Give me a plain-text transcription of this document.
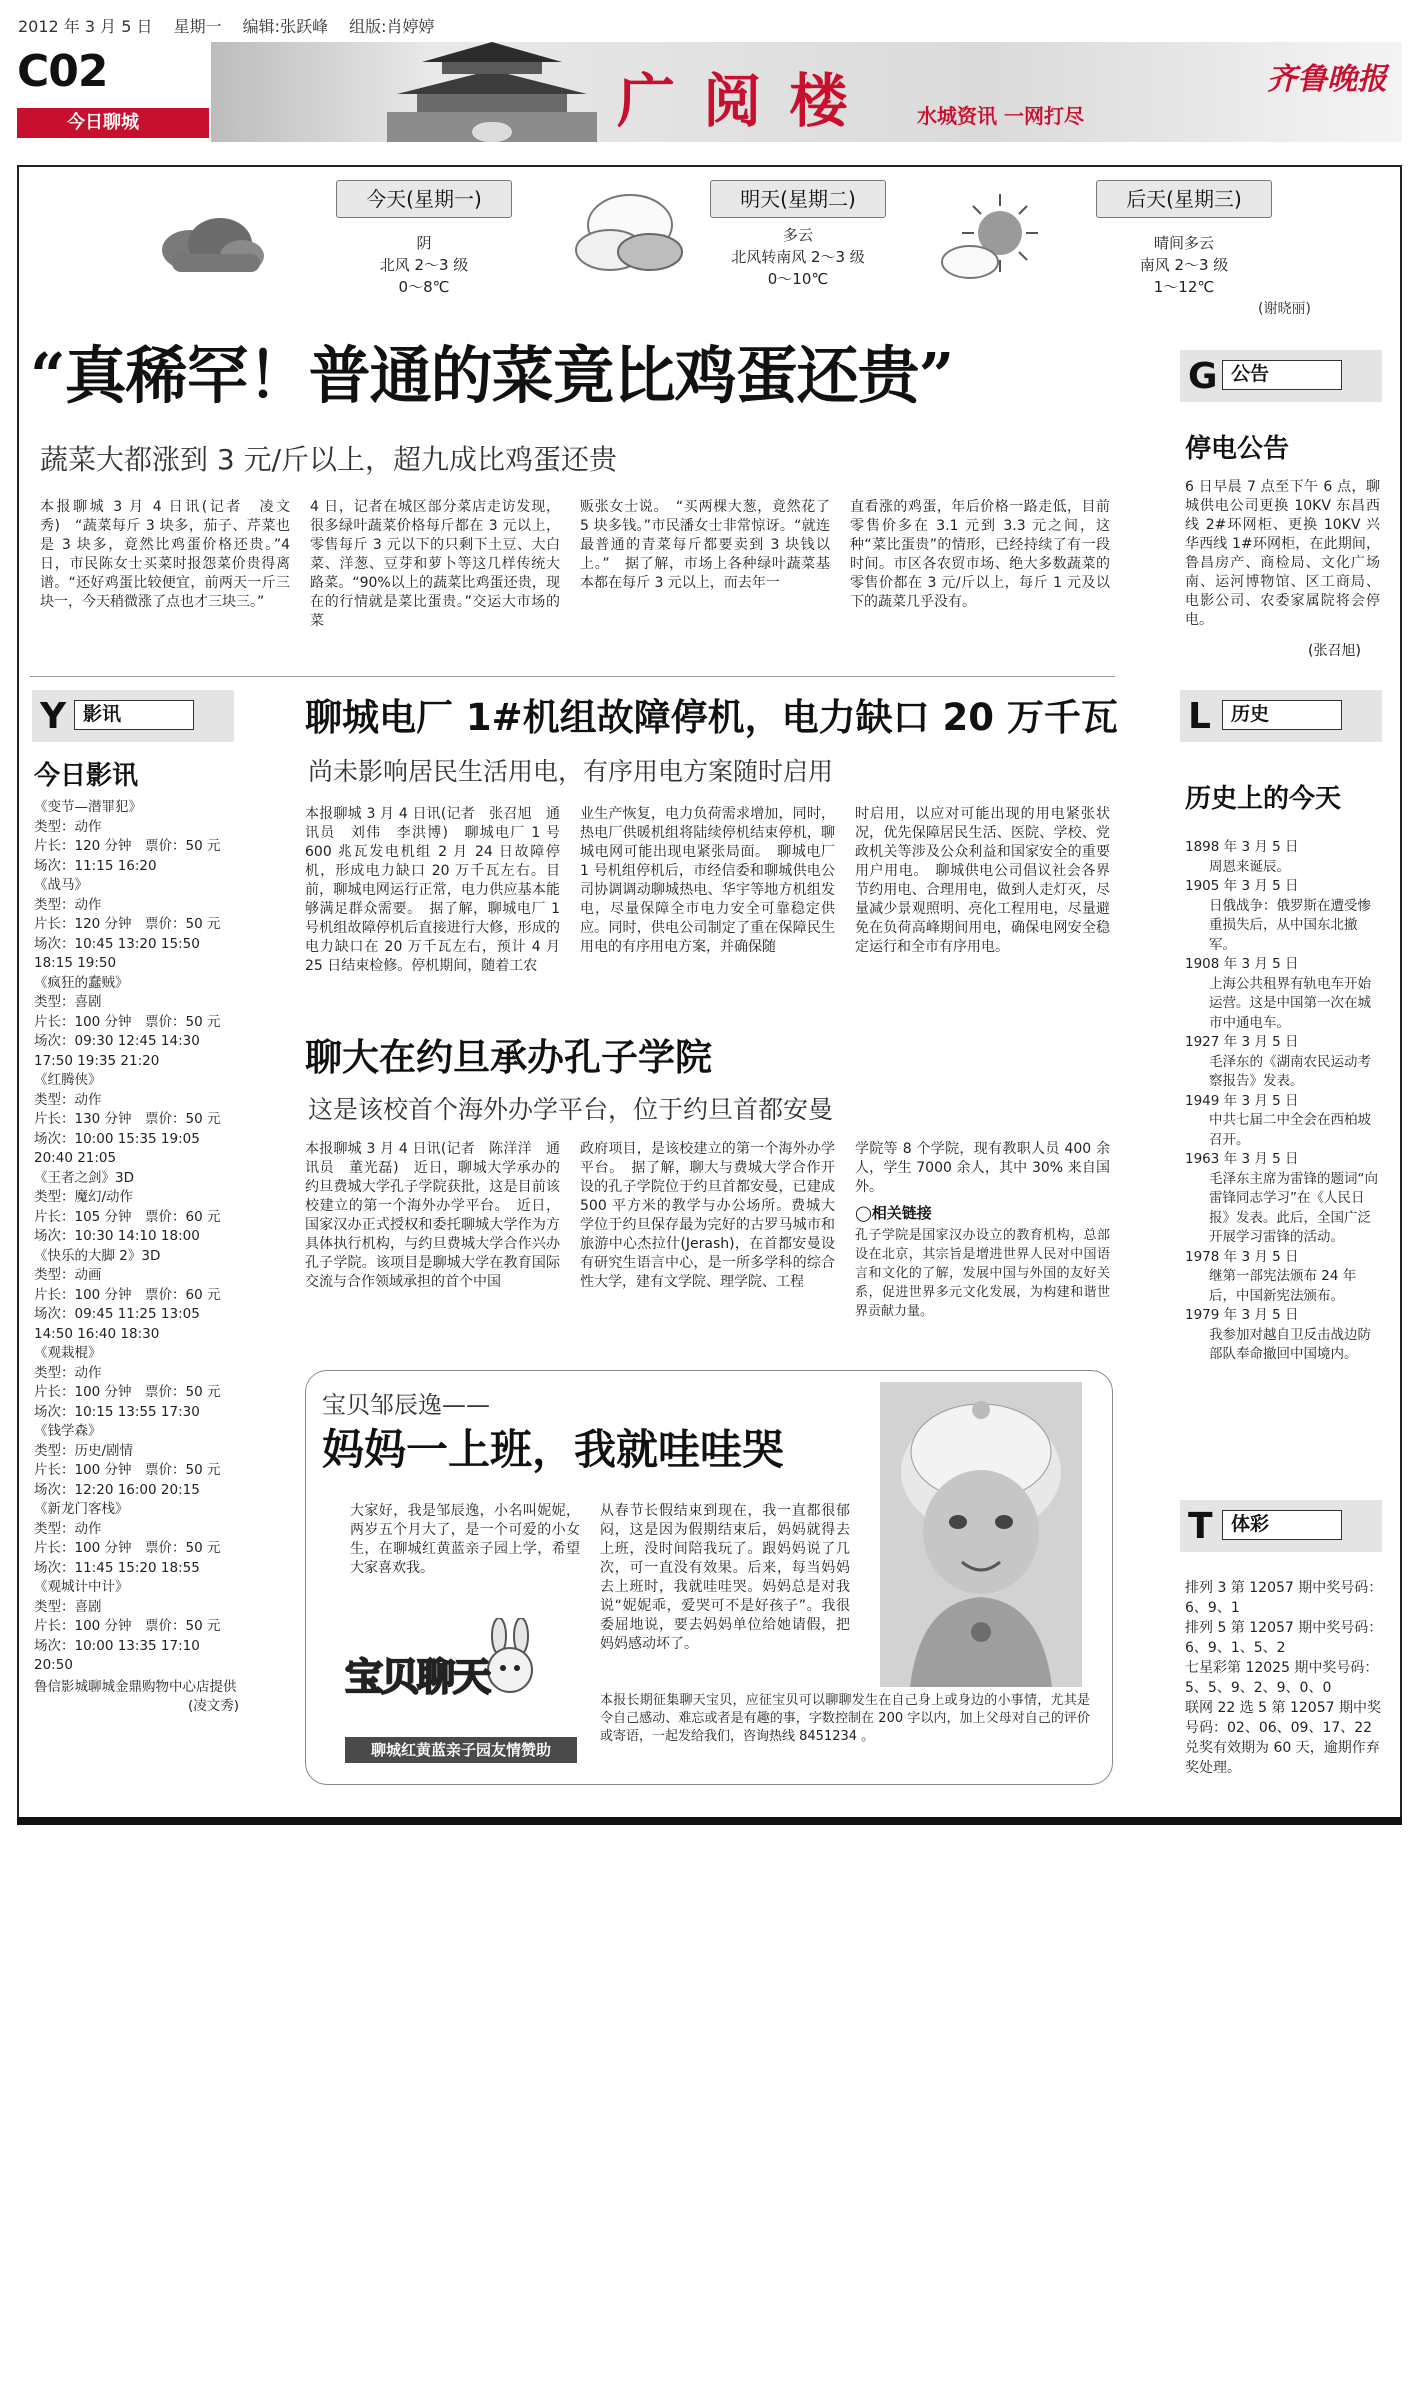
2012 年 3 月 5 日　 星期一　 编辑:张跃峰　 组版:肖婷婷
C02
今日聊城	广 阅 楼	水城资讯 一网打尽
齐鲁晚报
今天(星期一)
阴
北风 2～3 级
0～8℃
明天(星期二)
多云
北风转南风 2～3 级
0～10℃
后天(星期三)
晴间多云
南风 2～3 级
1～12℃
(谢晓丽)
“真稀罕！普通的菜竟比鸡蛋还贵”
蔬菜大都涨到 3 元/斤以上，超九成比鸡蛋还贵
本报聊城 3 月 4 日讯(记者　凌文秀)　“蔬菜每斤 3 块多，茄子、芹菜也是 3 块多，竟然比鸡蛋价格还贵。”4 日，市民陈女士买菜时报怨菜价贵得离谱。“还好鸡蛋比较便宜，前两天一斤三块一，今天稍微涨了点也才三块三。”
4 日，记者在城区部分菜店走访发现，很多绿叶蔬菜价格每斤都在 3 元以上，零售每斤 3 元以下的只剩下土豆、大白菜、洋葱、豆芽和萝卜等这几样传统大路菜。“90%以上的蔬菜比鸡蛋还贵，现在的行情就是菜比蛋贵。”交运大市场的菜
贩张女士说。　“买两棵大葱，竟然花了 5 块多钱。”市民潘女士非常惊讶。“就连最普通的青菜每斤都要卖到 3 块钱以上。”　据了解，市场上各种绿叶蔬菜基本都在每斤 3 元以上，而去年一
直看涨的鸡蛋，年后价格一路走低，目前零售价多在 3.1 元到 3.3 元之间，这种“菜比蛋贵”的情形，已经持续了有一段时间。市区各农贸市场、绝大多数蔬菜的零售价都在 3 元/斤以上，每斤 1 元及以下的蔬菜几乎没有。
G 公告
停电公告
6 日早晨 7 点至下午 6 点，聊城供电公司更换 10KV 东昌西线 2#环网柜、更换 10KV 兴华西线 1#环网柜，在此期间，鲁昌房产、商检局、文化广场南、运河博物馆、区工商局、电影公司、农委家属院将会停电。
(张召旭)
Y 影讯
今日影讯
《变节—潜罪犯》
类型：动作
片长：120 分钟　票价：50 元
场次：11:15 16:20
《战马》
类型：动作
片长：120 分钟　票价：50 元
场次：10:45 13:20 15:50 18:15 19:50
《疯狂的蠢贼》
类型：喜剧
片长：100 分钟　票价：50 元
场次：09:30 12:45 14:30 17:50 19:35 21:20
《红腾侠》
类型：动作
片长：130 分钟　票价：50 元
场次：10:00 15:35 19:05 20:40 21:05
《王者之剑》3D
类型：魔幻/动作
片长：105 分钟　票价：60 元
场次：10:30 14:10 18:00
《快乐的大脚 2》3D
类型：动画
片长：100 分钟　票价：60 元
场次：09:45 11:25 13:05 14:50 16:40 18:30
《观栽棍》
类型：动作
片长：100 分钟　票价：50 元
场次：10:15 13:55 17:30
《钱学森》
类型：历史/剧情
片长：100 分钟　票价：50 元
场次：12:20 16:00 20:15
《新龙门客栈》
类型：动作
片长：100 分钟　票价：50 元
场次：11:45 15:20 18:55
《观城计中计》
类型：喜剧
片长：100 分钟　票价：50 元
场次：10:00 13:35 17:10 20:50
鲁信影城聊城金鼎购物中心店提供
(凌文秀)
聊城电厂 1#机组故障停机，电力缺口 20 万千瓦
尚未影响居民生活用电，有序用电方案随时启用
本报聊城 3 月 4 日讯(记者　张召旭　通讯员　刘伟　李洪博)　聊城电厂 1 号 600 兆瓦发电机组 2 月 24 日故障停机，形成电力缺口 20 万千瓦左右。目前，聊城电网运行正常，电力供应基本能够满足群众需要。　据了解，聊城电厂 1 号机组故障停机后直接进行大修，形成的电力缺口在 20 万千瓦左右，预计 4 月 25 日结束检修。停机期间，随着工农
业生产恢复，电力负荷需求增加，同时，热电厂供暖机组将陆续停机结束停机，聊城电网可能出现电紧张局面。　聊城电厂 1 号机组停机后，市经信委和聊城供电公司协调调动聊城热电、华宇等地方机组发电，尽量保障全市电力安全可靠稳定供应。同时，供电公司制定了重在保障民生用电的有序用电方案，并确保随
时启用，以应对可能出现的用电紧张状况，优先保障居民生活、医院、学校、党政机关等涉及公众利益和国家安全的重要用户用电。　聊城供电公司倡议社会各界节约用电、合理用电，做到人走灯灭，尽量减少景观照明、亮化工程用电，尽量避免在负荷高峰期间用电，确保电网安全稳定运行和全市有序用电。
聊大在约旦承办孔子学院
这是该校首个海外办学平台，位于约旦首都安曼
本报聊城 3 月 4 日讯(记者　陈洋洋　通讯员　董光磊)　近日，聊城大学承办的约旦费城大学孔子学院获批，这是目前该校建立的第一个海外办学平台。　近日，国家汉办正式授权和委托聊城大学作为方具体执行机构，与约旦费城大学合作兴办孔子学院。该项目是聊城大学在教育国际交流与合作领域承担的首个中国
政府项目，是该校建立的第一个海外办学平台。　据了解，聊大与费城大学合作开设的孔子学院位于约旦首都安曼，已建成 500 平方米的教学与办公场所。费城大学位于约旦保存最为完好的古罗马城市和旅游中心杰拉什(Jerash)，在首都安曼设有研究生语言中心，是一所多学科的综合性大学，建有文学院、理学院、工程
学院等 8 个学院，现有教职人员 400 余人，学生 7000 余人，其中 30% 来自国外。
◯相关链接
孔子学院是国家汉办设立的教育机构，总部设在北京，其宗旨是增进世界人民对中国语言和文化的了解，发展中国与外国的友好关系，促进世界多元文化发展，为构建和谐世界贡献力量。
宝贝邹辰逸——
妈妈一上班，我就哇哇哭
大家好，我是邹辰逸，小名叫妮妮，两岁五个月大了，是一个可爱的小女生，在聊城红黄蓝亲子园上学，希望大家喜欢我。
从春节长假结束到现在，我一直都很郁闷，这是因为假期结束后，妈妈就得去上班，没时间陪我玩了。跟妈妈说了几次，可一直没有效果。后来，每当妈妈去上班时，我就哇哇哭。妈妈总是对我说“妮妮乖，爱哭可不是好孩子”。我很委屈地说，要去妈妈单位给她请假，把妈妈感动坏了。
本报长期征集聊天宝贝，应征宝贝可以聊聊发生在自己身上或身边的小事情，尤其是令自己感动、难忘或者是有趣的事，字数控制在 200 字以内，加上父母对自己的评价或寄语，一起发给我们，咨询热线 8451234 。
宝贝聊天
聊城红黄蓝亲子园友情赞助
L	历史
历史上的今天
1898 年 3 月 5 日
周恩来诞辰。
1905 年 3 月 5 日
日俄战争：俄罗斯在遭受惨重损失后，从中国东北撤军。
1908 年 3 月 5 日
上海公共租界有轨电车开始运营。这是中国第一次在城市中通电车。
1927 年 3 月 5 日
毛泽东的《湖南农民运动考察报告》发表。
1949 年 3 月 5 日
中共七届二中全会在西柏坡召开。
1963 年 3 月 5 日
毛泽东主席为雷锋的题词“向雷锋同志学习”在《人民日报》发表。此后，全国广泛开展学习雷锋的活动。
1978 年 3 月 5 日
继第一部宪法颁布 24 年后，中国新宪法颁布。
1979 年 3 月 5 日
我参加对越自卫反击战边防部队奉命撤回中国境内。
T 体彩
排列 3 第 12057 期中奖号码：6、9、1
排列 5 第 12057 期中奖号码：6、9、1、5、2
七星彩第 12025 期中奖号码：5、5、9、2、9、0、0
联网 22 选 5 第 12057 期中奖号码：02、06、09、17、22
兑奖有效期为 60 天，逾期作弃奖处理。
